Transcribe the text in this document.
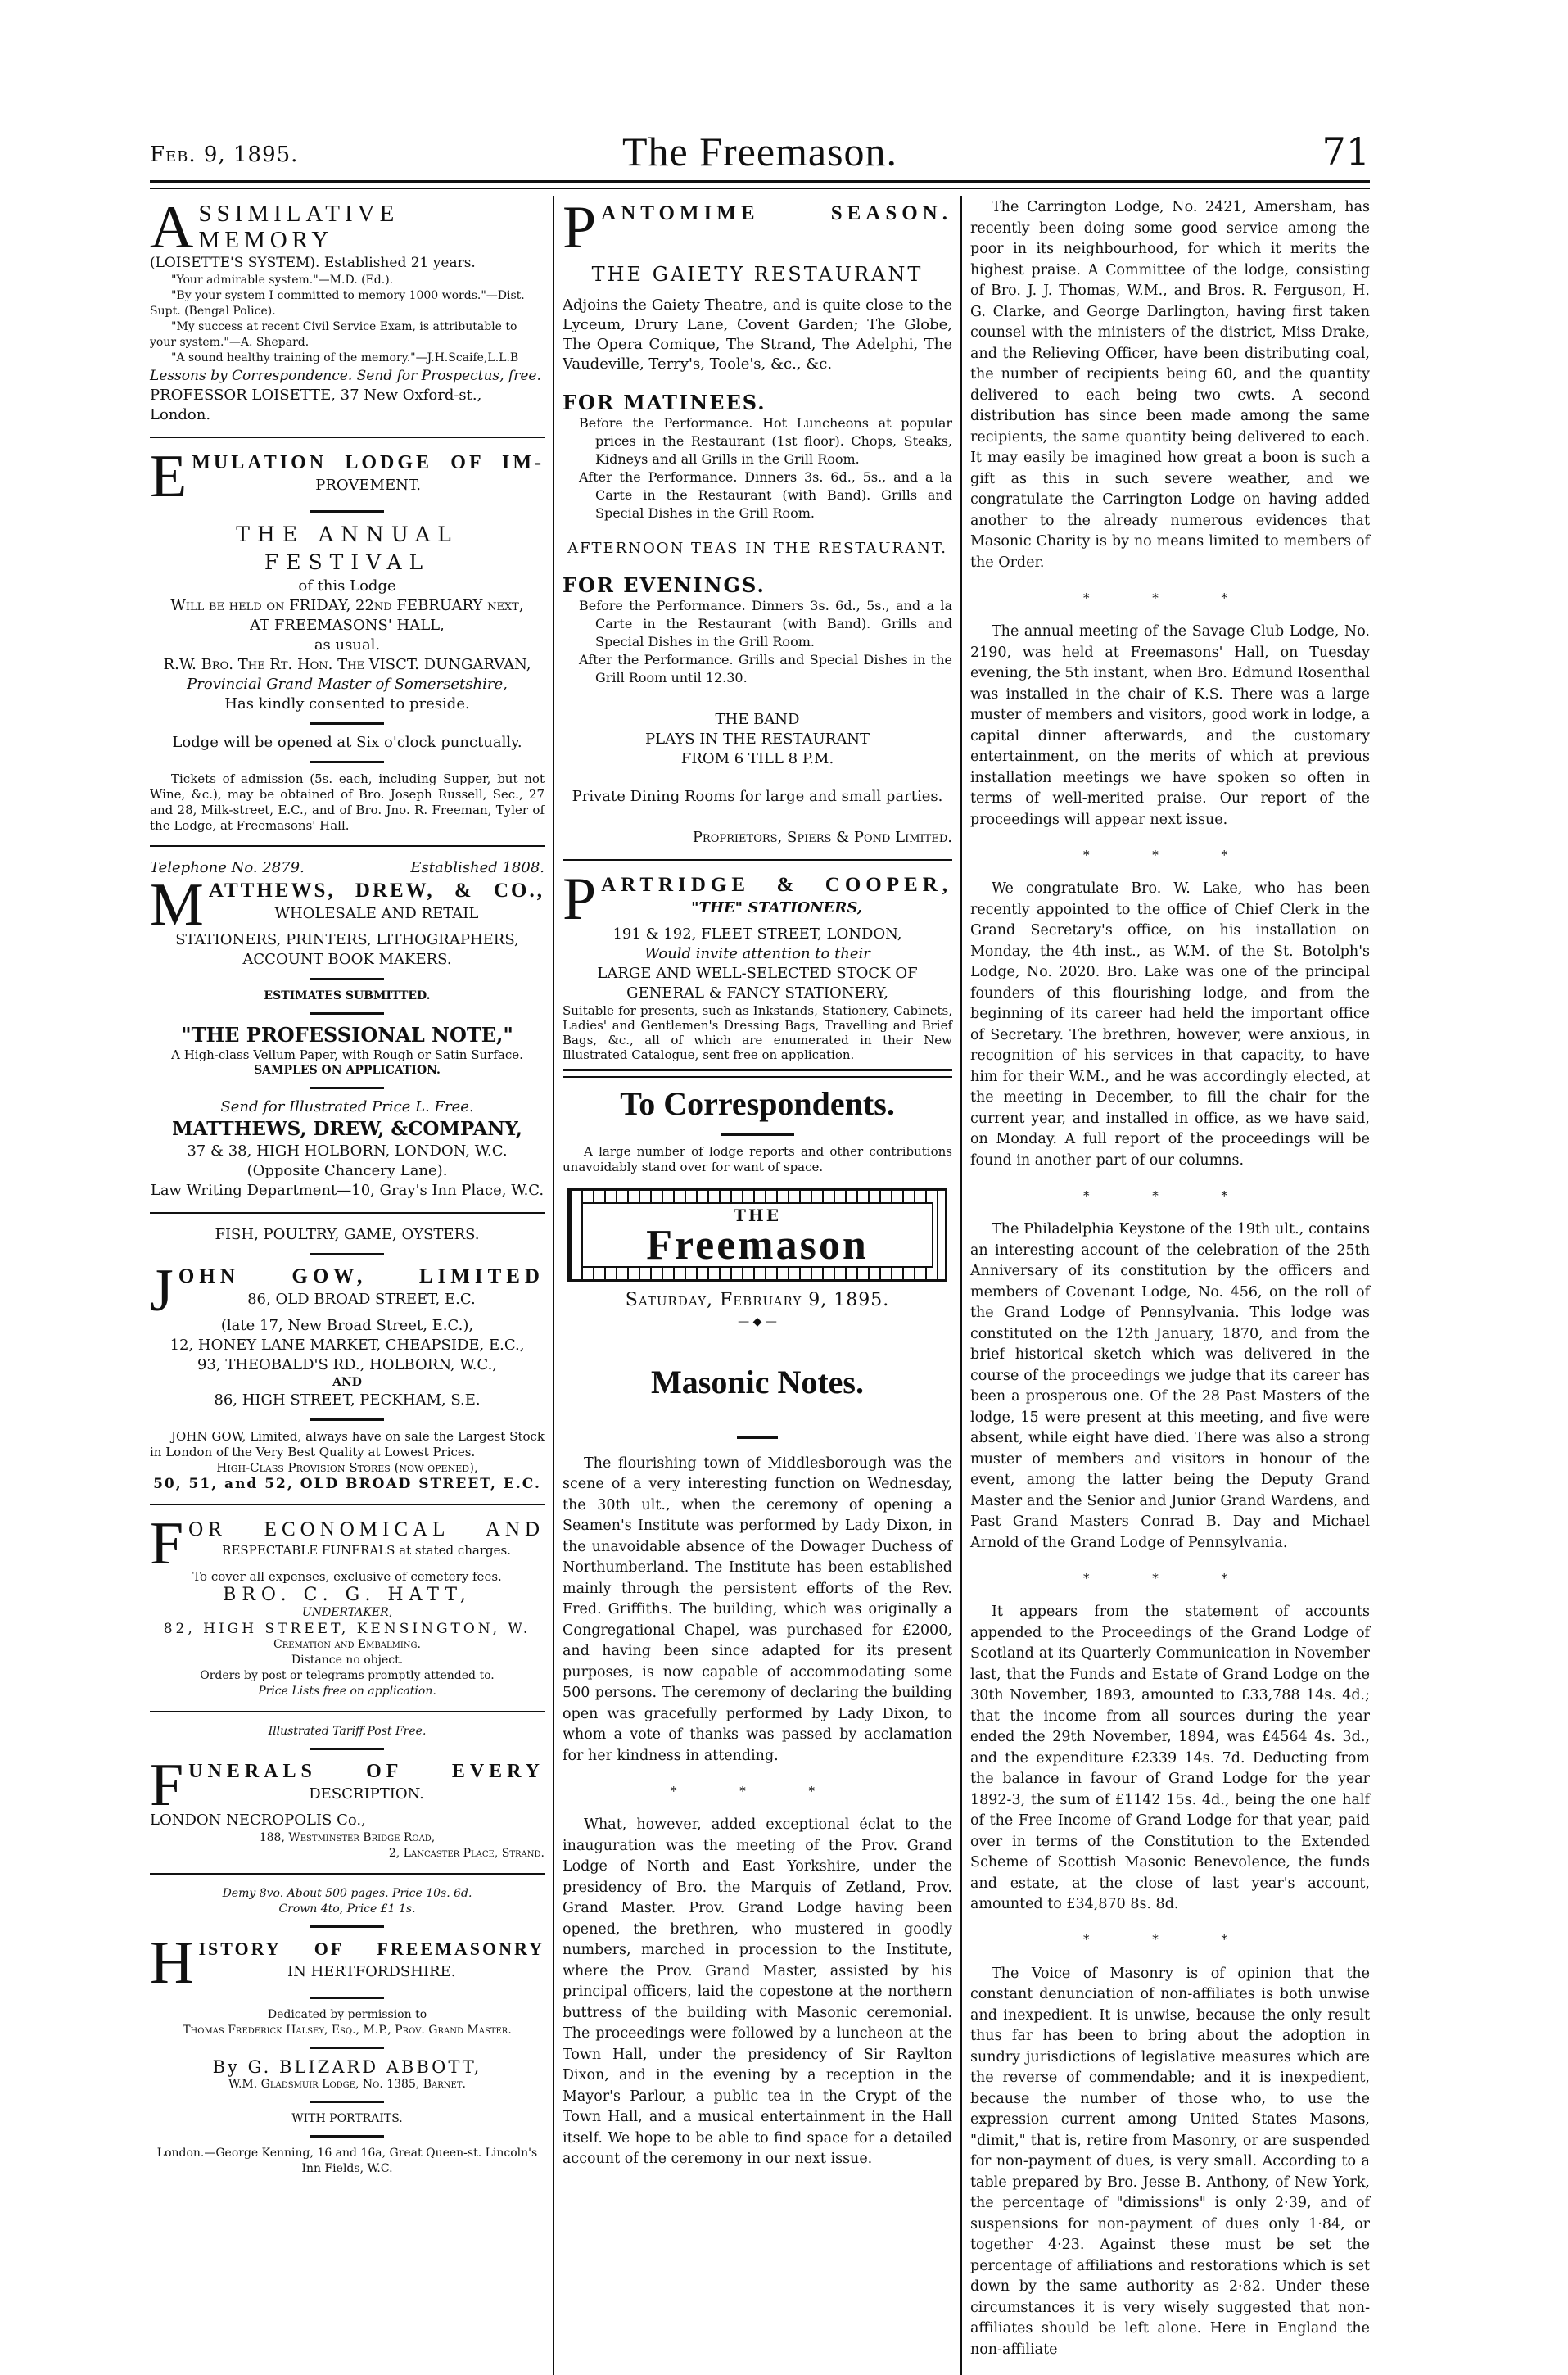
Feb. 9, 1895.	The Freemason.	71
A SSIMILATIVE MEMORY
(LOISETTE'S SYSTEM). Established 21 years.

"Your admirable system."—M.D. (Ed.).

"By your system I committed to memory 1000 words."—Dist. Supt. (Bengal Police).

"My success at recent Civil Service Exam, is attributable to your system."—A. Shepard.

"A sound healthy training of the memory."—J.H.Scaife,L.L.B

Lessons by Correspondence. Send for Prospectus, free.

PROFESSOR LOISETTE, 37 New Oxford-st., London.

E MULATION LODGE OF IM-
PROVEMENT.

THE ANNUAL FESTIVAL

of this Lodge

Will be held on FRIDAY, 22nd FEBRUARY next,

AT FREEMASONS' HALL,

as usual.

R.W. Bro. The Rt. Hon. The VISCT. DUNGARVAN,

Provincial Grand Master of Somersetshire,

Has kindly consented to preside.

Lodge will be opened at Six o'clock punctually.

Tickets of admission (5s. each, including Supper, but not Wine, &c.), may be obtained of Bro. Joseph Russell, Sec., 27 and 28, Milk-street, E.C., and of Bro. Jno. R. Freeman, Tyler of the Lodge, at Freemasons' Hall.

Telephone No. 2879.	Established 1808.
M ATTHEWS, DREW, & CO.,
WHOLESALE AND RETAIL

STATIONERS, PRINTERS, LITHOGRAPHERS,

ACCOUNT BOOK MAKERS.

ESTIMATES SUBMITTED.

"THE PROFESSIONAL NOTE,"

A High-class Vellum Paper, with Rough or Satin Surface.

SAMPLES ON APPLICATION.

Send for Illustrated Price L. Free.

MATTHEWS, DREW, &COMPANY,

37 & 38, HIGH HOLBORN, LONDON, W.C.

(Opposite Chancery Lane).

Law Writing Department—10, Gray's Inn Place, W.C.

FISH, POULTRY, GAME, OYSTERS.

J OHN GOW, LIMITED

86, OLD BROAD STREET, E.C.

(late 17, New Broad Street, E.C.),

12, HONEY LANE MARKET, CHEAPSIDE, E.C.,

93, THEOBALD'S RD., HOLBORN, W.C.,

AND

86, HIGH STREET, PECKHAM, S.E.

JOHN GOW, Limited, always have on sale the Largest Stock in London of the Very Best Quality at Lowest Prices.

High-Class Provision Stores (now opened),

50, 51, and 52, OLD BROAD STREET, E.C.

F OR ECONOMICAL AND
RESPECTABLE FUNERALS at stated charges.

To cover all expenses, exclusive of cemetery fees.

BRO. C. G. HATT,

UNDERTAKER,

82, HIGH STREET, KENSINGTON, W.

Cremation and Embalming.

Distance no object.

Orders by post or telegrams promptly attended to.

Price Lists free on application.

Illustrated Tariff Post Free.

F UNERALS OF EVERY
DESCRIPTION.

LONDON NECROPOLIS Co.,

188, Westminster Bridge Road,

2, Lancaster Place, Strand.

Demy 8vo. About 500 pages. Price 10s. 6d.

Crown 4to, Price £1 1s.

H ISTORY OF FREEMASONRY
IN HERTFORDSHIRE.

Dedicated by permission to

Thomas Frederick Halsey, Esq., M.P., Prov. Grand Master.

By G. BLIZARD ABBOTT,

W.M. Gladsmuir Lodge, No. 1385, Barnet.

WITH PORTRAITS.

London.—George Kenning, 16 and 16a, Great Queen-st. Lincoln's Inn Fields, W.C.

P ANTOMIME SEASON.

THE GAIETY RESTAURANT

Adjoins the Gaiety Theatre, and is quite close to the Lyceum, Drury Lane, Covent Garden; The Globe, The Opera Comique, The Strand, The Adelphi, The Vaudeville, Terry's, Toole's, &c., &c.

FOR MATINEES.

Before the Performance. Hot Luncheons at popular prices in the Restaurant (1st floor). Chops, Steaks, Kidneys and all Grills in the Grill Room.

After the Performance. Dinners 3s. 6d., 5s., and a la Carte in the Restaurant (with Band). Grills and Special Dishes in the Grill Room.

AFTERNOON TEAS IN THE RESTAURANT.

FOR EVENINGS.

Before the Performance. Dinners 3s. 6d., 5s., and a la Carte in the Restaurant (with Band). Grills and Special Dishes in the Grill Room.

After the Performance. Grills and Special Dishes in the Grill Room until 12.30.

THE BAND

PLAYS IN THE RESTAURANT

FROM 6 TILL 8 P.M.

Private Dining Rooms for large and small parties.

Proprietors, Spiers & Pond Limited.

P ARTRIDGE & COOPER,
"THE" STATIONERS,

191 & 192, FLEET STREET, LONDON,

Would invite attention to their

LARGE AND WELL-SELECTED STOCK OF

GENERAL & FANCY STATIONERY,

Suitable for presents, such as Inkstands, Stationery, Cabinets, Ladies' and Gentlemen's Dressing Bags, Travelling and Brief Bags, &c., all of which are enumerated in their New Illustrated Catalogue, sent free on application.

To Correspondents.

A large number of lodge reports and other contributions unavoidably stand over for want of space.

THE
Freemason

Saturday, February 9, 1895.

— ◆ —

Masonic Notes.

The flourishing town of Middlesborough was the scene of a very interesting function on Wednesday, the 30th ult., when the ceremony of opening a Seamen's Institute was performed by Lady Dixon, in the unavoidable absence of the Dowager Duchess of Northumberland. The Institute has been established mainly through the persistent efforts of the Rev. Fred. Griffiths. The building, which was originally a Congregational Chapel, was purchased for £2000, and having been since adapted for its present purposes, is now capable of accommodating some 500 persons. The ceremony of declaring the building open was gracefully performed by Lady Dixon, to whom a vote of thanks was passed by acclamation for her kindness in attending.

* * *

What, however, added exceptional éclat to the inauguration was the meeting of the Prov. Grand Lodge of North and East Yorkshire, under the presidency of Bro. the Marquis of Zetland, Prov. Grand Master. Prov. Grand Lodge having been opened, the brethren, who mustered in goodly numbers, marched in procession to the Institute, where the Prov. Grand Master, assisted by his principal officers, laid the copestone at the northern buttress of the building with Masonic ceremonial. The proceedings were followed by a luncheon at the Town Hall, under the presidency of Sir Raylton Dixon, and in the evening by a reception in the Mayor's Parlour, a public tea in the Crypt of the Town Hall, and a musical entertainment in the Hall itself. We hope to be able to find space for a detailed account of the ceremony in our next issue.

The Carrington Lodge, No. 2421, Amersham, has recently been doing some good service among the poor in its neighbourhood, for which it merits the highest praise. A Committee of the lodge, consisting of Bro. J. J. Thomas, W.M., and Bros. R. Ferguson, H. G. Clarke, and George Darlington, having first taken counsel with the ministers of the district, Miss Drake, and the Relieving Officer, have been distributing coal, the number of recipients being 60, and the quantity delivered to each being two cwts. A second distribution has since been made among the same recipients, the same quantity being delivered to each. It may easily be imagined how great a boon is such a gift as this in such severe weather, and we congratulate the Carrington Lodge on having added another to the already numerous evidences that Masonic Charity is by no means limited to members of the Order.

* * *

The annual meeting of the Savage Club Lodge, No. 2190, was held at Freemasons' Hall, on Tuesday evening, the 5th instant, when Bro. Edmund Rosenthal was installed in the chair of K.S. There was a large muster of members and visitors, good work in lodge, a capital dinner afterwards, and the customary entertainment, on the merits of which at previous installation meetings we have spoken so often in terms of well-merited praise. Our report of the proceedings will appear next issue.

* * *

We congratulate Bro. W. Lake, who has been recently appointed to the office of Chief Clerk in the Grand Secretary's office, on his installation on Monday, the 4th inst., as W.M. of the St. Botolph's Lodge, No. 2020. Bro. Lake was one of the principal founders of this flourishing lodge, and from the beginning of its career had held the important office of Secretary. The brethren, however, were anxious, in recognition of his services in that capacity, to have him for their W.M., and he was accordingly elected, at the meeting in December, to fill the chair for the current year, and installed in office, as we have said, on Monday. A full report of the proceedings will be found in another part of our columns.

* * *

The Philadelphia Keystone of the 19th ult., contains an interesting account of the celebration of the 25th Anniversary of its constitution by the officers and members of Covenant Lodge, No. 456, on the roll of the Grand Lodge of Pennsylvania. This lodge was constituted on the 12th January, 1870, and from the brief historical sketch which was delivered in the course of the proceedings we judge that its career has been a prosperous one. Of the 28 Past Masters of the lodge, 15 were present at this meeting, and five were absent, while eight have died. There was also a strong muster of members and visitors in honour of the event, among the latter being the Deputy Grand Master and the Senior and Junior Grand Wardens, and Past Grand Masters Conrad B. Day and Michael Arnold of the Grand Lodge of Pennsylvania.

* * *

It appears from the statement of accounts appended to the Proceedings of the Grand Lodge of Scotland at its Quarterly Communication in November last, that the Funds and Estate of Grand Lodge on the 30th November, 1893, amounted to £33,788 14s. 4d.; that the income from all sources during the year ended the 29th November, 1894, was £4564 4s. 3d., and the expenditure £2339 14s. 7d. Deducting from the balance in favour of Grand Lodge for the year 1892-3, the sum of £1142 15s. 4d., being the one half of the Free Income of Grand Lodge for that year, paid over in terms of the Constitution to the Extended Scheme of Scottish Masonic Benevolence, the funds and estate, at the close of last year's account, amounted to £34,870 8s. 8d.

* * *

The Voice of Masonry is of opinion that the constant denunciation of non-affiliates is both unwise and inexpedient. It is unwise, because the only result thus far has been to bring about the adoption in sundry jurisdictions of legislative measures which are the reverse of commendable; and it is inexpedient, because the number of those who, to use the expression current among United States Masons, "dimit," that is, retire from Masonry, or are suspended for non-payment of dues, is very small. According to a table prepared by Bro. Jesse B. Anthony, of New York, the percentage of "dimissions" is only 2·39, and of suspensions for non-payment of dues only 1·84, or together 4·23. Against these must be set the percentage of affiliations and restorations which is set down by the same authority as 2·82. Under these circumstances it is very wisely suggested that non-affiliates should be left alone. Here in England the non-affiliate
